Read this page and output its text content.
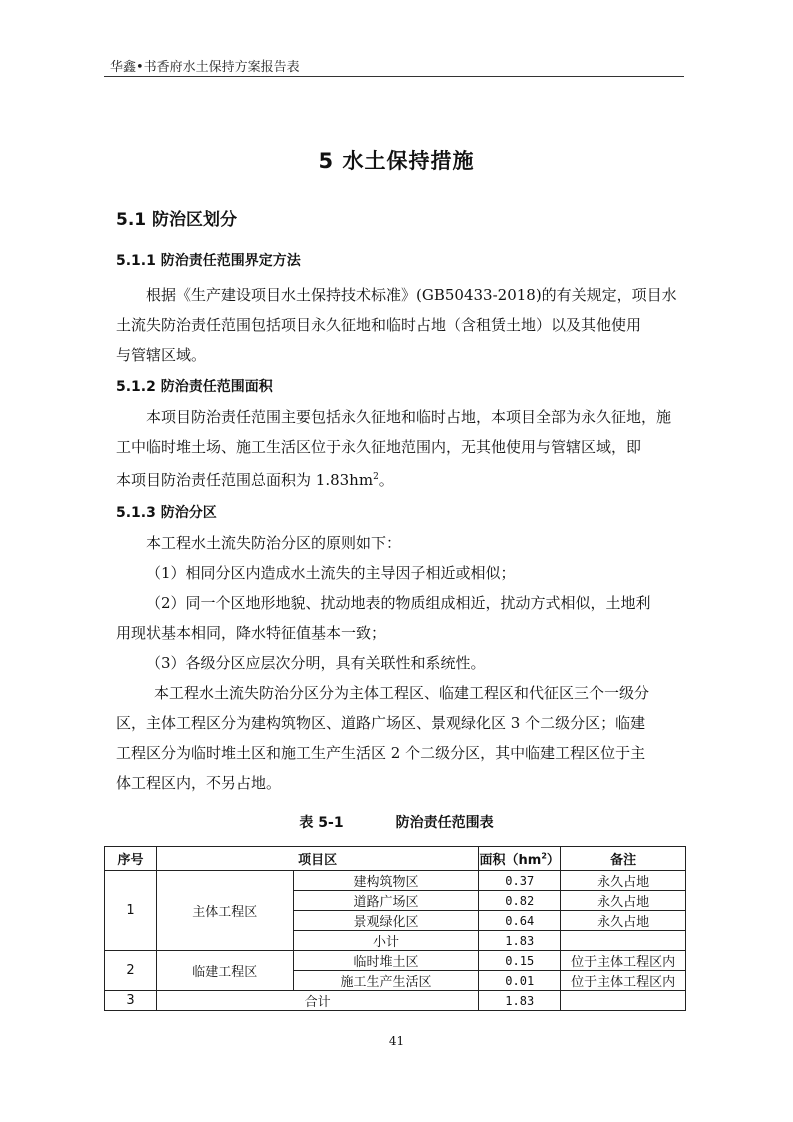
华鑫•书香府水土保持方案报告表
5 水土保持措施
5.1 防治区划分
5.1.1 防治责任范围界定方法
根据《生产建设项目水土保持技术标准》(GB50433-2018)的有关规定，项目水
土流失防治责任范围包括项目永久征地和临时占地（含租赁土地）以及其他使用
与管辖区域。
5.1.2 防治责任范围面积
本项目防治责任范围主要包括永久征地和临时占地，本项目全部为永久征地，施
工中临时堆土场、施工生活区位于永久征地范围内，无其他使用与管辖区域，即
本项目防治责任范围总面积为 $1.83hm^2$。
5.1.3 防治分区
本工程水土流失防治分区的原则如下：
（1）相同分区内造成水土流失的主导因子相近或相似；
（2）同一个区地形地貌、扰动地表的物质组成相近，扰动方式相似，土地利
用现状基本相同，降水特征值基本一致；
（3）各级分区应层次分明，具有关联性和系统性。
本工程水土流失防治分区分为主体工程区、临建工程区和代征区三个一级分
区，主体工程区分为建构筑物区、道路广场区、景观绿化区 3 个二级分区；临建
工程区分为临时堆土区和施工生产生活区 2 个二级分区，其中临建工程区位于主
体工程区内，不另占地。
表 5-1	防治责任范围表
序号	项目区		面积$(hm^2)$	备注
1	主体工程区	建构筑物区	0.37	永久占地
		道路广场区	0.82	永久占地
		景观绿化区	0.64	永久占地
		小计	1.83	
2	临建工程区	临时堆土区	0.15	位于主体工程区内
		施工生产生活区	0.01	位于主体工程区内
3	合计		1.83	
41
